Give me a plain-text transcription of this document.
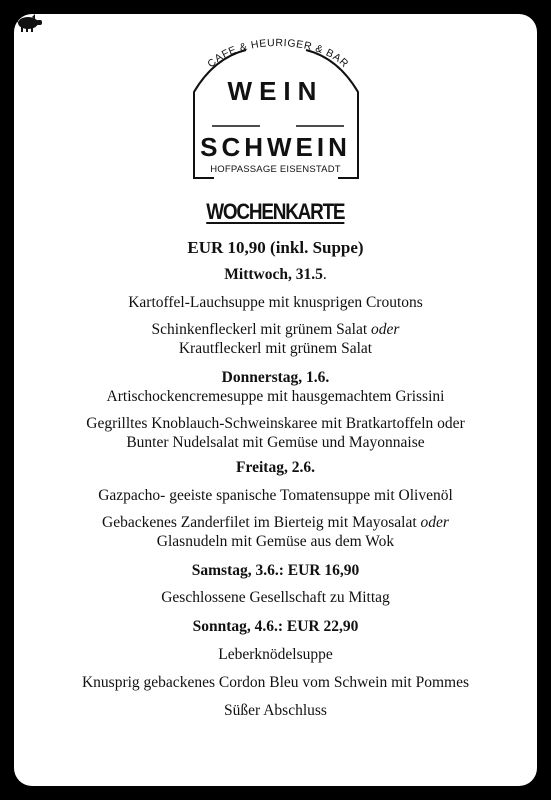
CAFE & HEURIGER & BAR
WEIN
SCHWEIN
HOFPASSAGE EISENSTADT
WOCHENKARTE
EUR 10,90 (inkl. Suppe)
Mittwoch, 31.5.
Kartoffel-Lauchsuppe mit knusprigen Croutons
Schinkenfleckerl mit grünem Salat oder
Krautfleckerl mit grünem Salat
Donnerstag, 1.6.
Artischockencremesuppe mit hausgemachtem Grissini
Gegrilltes Knoblauch-Schweinskaree mit Bratkartoffeln oder
Bunter Nudelsalat mit Gemüse und Mayonnaise
Freitag, 2.6.
Gazpacho- geeiste spanische Tomatensuppe mit Olivenöl
Gebackenes Zanderfilet im Bierteig mit Mayosalat oder
Glasnudeln mit Gemüse aus dem Wok
Samstag, 3.6.: EUR 16,90
Geschlossene Gesellschaft zu Mittag
Sonntag, 4.6.: EUR 22,90
Leberknödelsuppe
Knusprig gebackenes Cordon Bleu vom Schwein mit Pommes
Süßer Abschluss
